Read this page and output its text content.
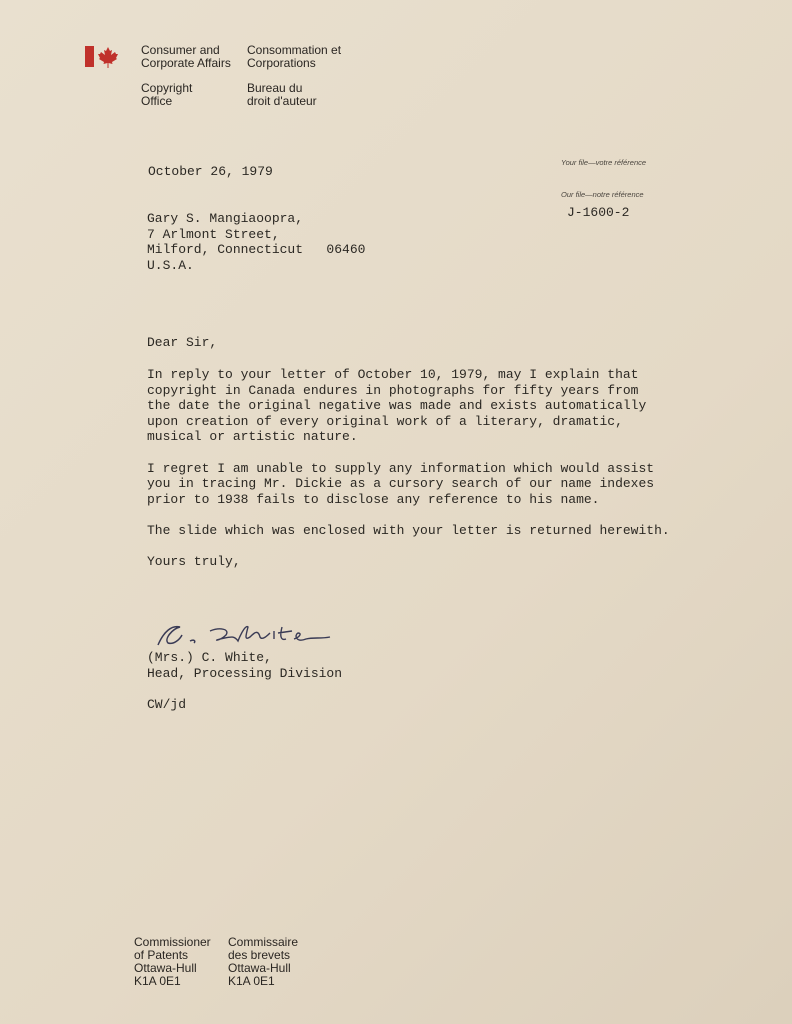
Consumer and
Corporate Affairs
Consommation et
Corporations
Copyright
Office
Bureau du
droit d'auteur
Your file—votre référence
Our file—notre référence
J-1600-2
October 26, 1979
Gary S. Mangiaoopra,
7 Arlmont Street,
Milford, Connecticut   06460
U.S.A.
Dear Sir,
In reply to your letter of October 10, 1979, may I explain that
copyright in Canada endures in photographs for fifty years from
the date the original negative was made and exists automatically
upon creation of every original work of a literary, dramatic,
musical or artistic nature.
I regret I am unable to supply any information which would assist
you in tracing Mr. Dickie as a cursory search of our name indexes
prior to 1938 fails to disclose any reference to his name.
The slide which was enclosed with your letter is returned herewith.
Yours truly,
(Mrs.) C. White,
Head, Processing Division
CW/jd
Commissioner
of Patents
Ottawa-Hull
K1A 0E1
Commissaire
des brevets
Ottawa-Hull
K1A 0E1
